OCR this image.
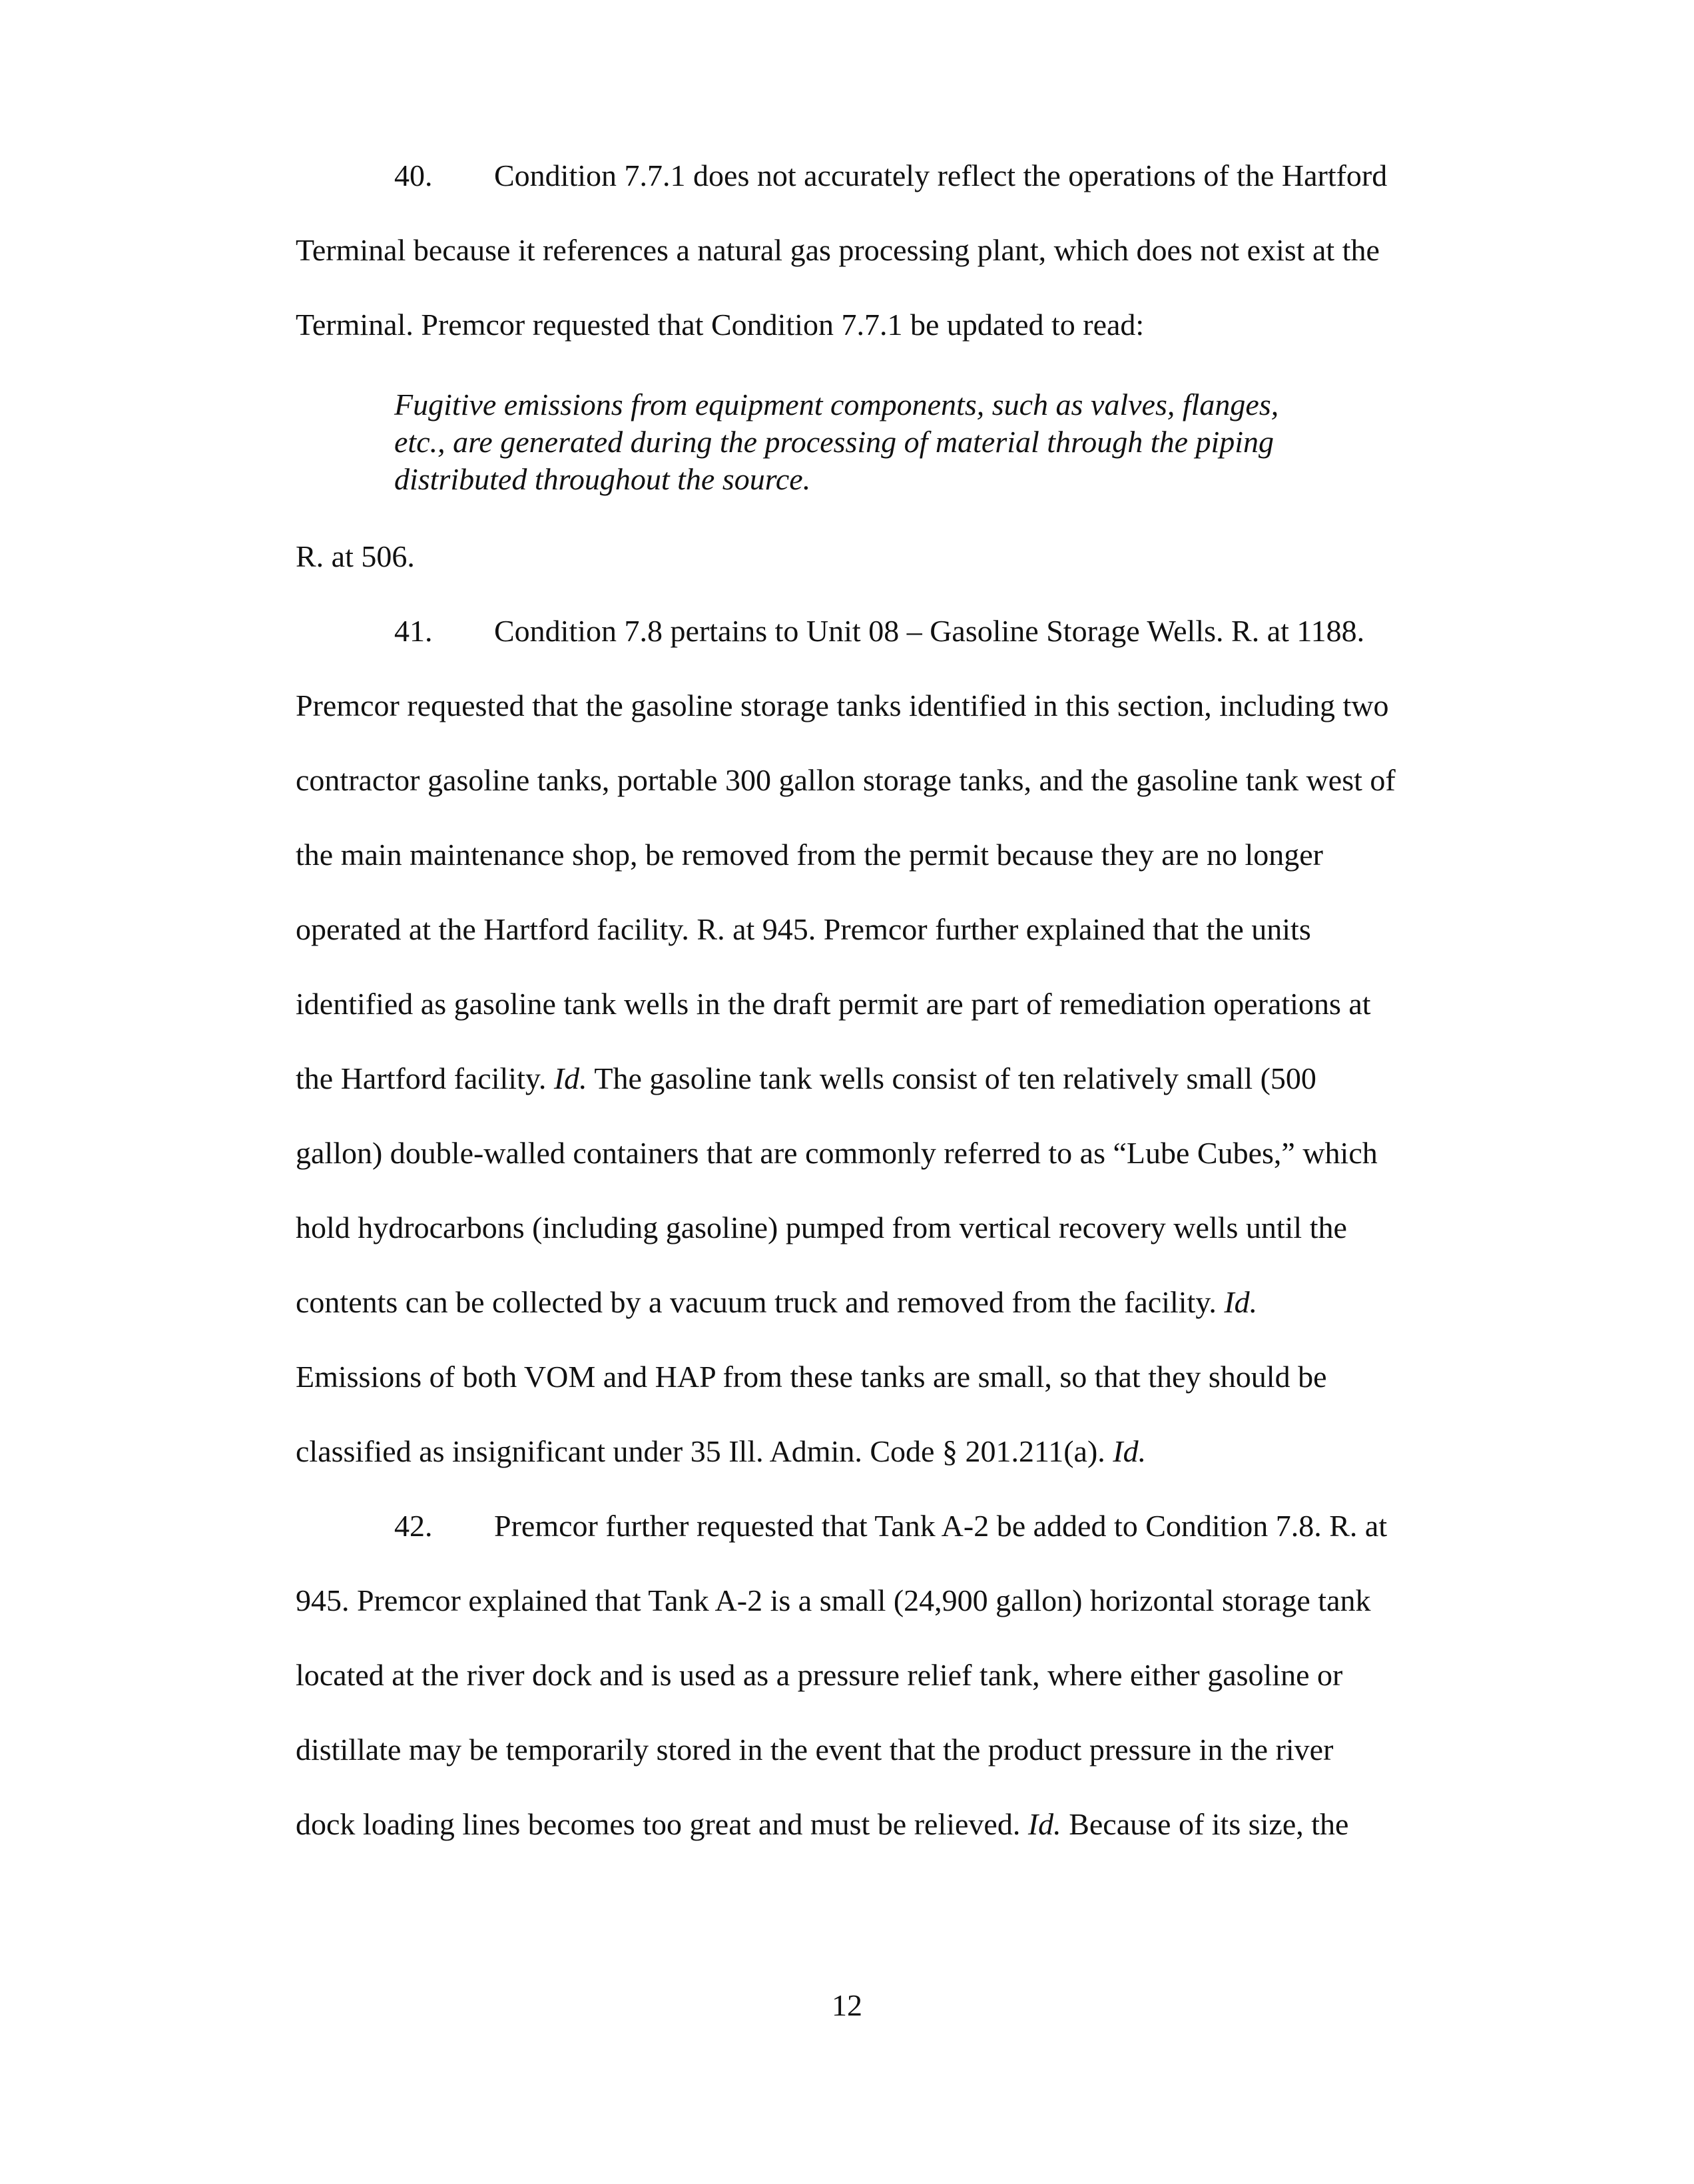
40. Condition 7.7.1 does not accurately reflect the operations of the Hartford
Terminal because it references a natural gas processing plant, which does not exist at the
Terminal. Premcor requested that Condition 7.7.1 be updated to read:
Fugitive emissions from equipment components, such as valves, flanges,
etc., are generated during the processing of material through the piping
distributed throughout the source.
R. at 506.
41. Condition 7.8 pertains to Unit 08 – Gasoline Storage Wells. R. at 1188.
Premcor requested that the gasoline storage tanks identified in this section, including two
contractor gasoline tanks, portable 300 gallon storage tanks, and the gasoline tank west of
the main maintenance shop, be removed from the permit because they are no longer
operated at the Hartford facility. R. at 945. Premcor further explained that the units
identified as gasoline tank wells in the draft permit are part of remediation operations at
the Hartford facility. Id. The gasoline tank wells consist of ten relatively small (500
gallon) double-walled containers that are commonly referred to as “Lube Cubes,” which
hold hydrocarbons (including gasoline) pumped from vertical recovery wells until the
contents can be collected by a vacuum truck and removed from the facility. Id.
Emissions of both VOM and HAP from these tanks are small, so that they should be
classified as insignificant under 35 Ill. Admin. Code § 201.211(a). Id.
42. Premcor further requested that Tank A-2 be added to Condition 7.8. R. at
945. Premcor explained that Tank A-2 is a small (24,900 gallon) horizontal storage tank
located at the river dock and is used as a pressure relief tank, where either gasoline or
distillate may be temporarily stored in the event that the product pressure in the river
dock loading lines becomes too great and must be relieved. Id. Because of its size, the
12
